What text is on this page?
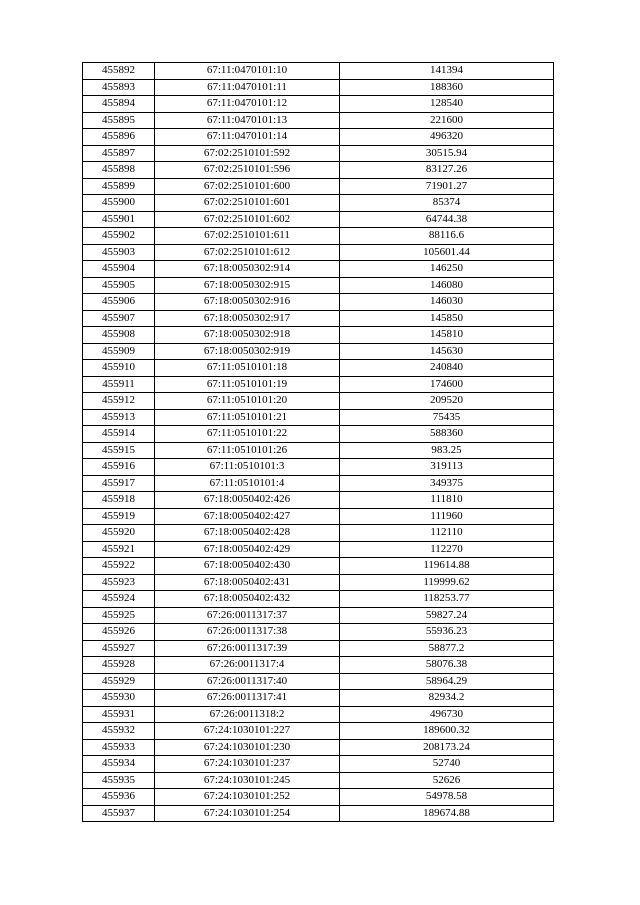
455892	67:11:0470101:10	141394
455893	67:11:0470101:11	188360
455894	67:11:0470101:12	128540
455895	67:11:0470101:13	221600
455896	67:11:0470101:14	496320
455897	67:02:2510101:592	30515.94
455898	67:02:2510101:596	83127.26
455899	67:02:2510101:600	71901.27
455900	67:02:2510101:601	85374
455901	67:02:2510101:602	64744.38
455902	67:02:2510101:611	88116.6
455903	67:02:2510101:612	105601.44
455904	67:18:0050302:914	146250
455905	67:18:0050302:915	146080
455906	67:18:0050302:916	146030
455907	67:18:0050302:917	145850
455908	67:18:0050302:918	145810
455909	67:18:0050302:919	145630
455910	67:11:0510101:18	240840
455911	67:11:0510101:19	174600
455912	67:11:0510101:20	209520
455913	67:11:0510101:21	75435
455914	67:11:0510101:22	588360
455915	67:11:0510101:26	983.25
455916	67:11:0510101:3	319113
455917	67:11:0510101:4	349375
455918	67:18:0050402:426	111810
455919	67:18:0050402:427	111960
455920	67:18:0050402:428	112110
455921	67:18:0050402:429	112270
455922	67:18:0050402:430	119614.88
455923	67:18:0050402:431	119999.62
455924	67:18:0050402:432	118253.77
455925	67:26:0011317:37	59827.24
455926	67:26:0011317:38	55936.23
455927	67:26:0011317:39	58877.2
455928	67:26:0011317:4	58076.38
455929	67:26:0011317:40	58964.29
455930	67:26:0011317:41	82934.2
455931	67:26:0011318:2	496730
455932	67:24:1030101:227	189600.32
455933	67:24:1030101:230	208173.24
455934	67:24:1030101:237	52740
455935	67:24:1030101:245	52626
455936	67:24:1030101:252	54978.58
455937	67:24:1030101:254	189674.88
